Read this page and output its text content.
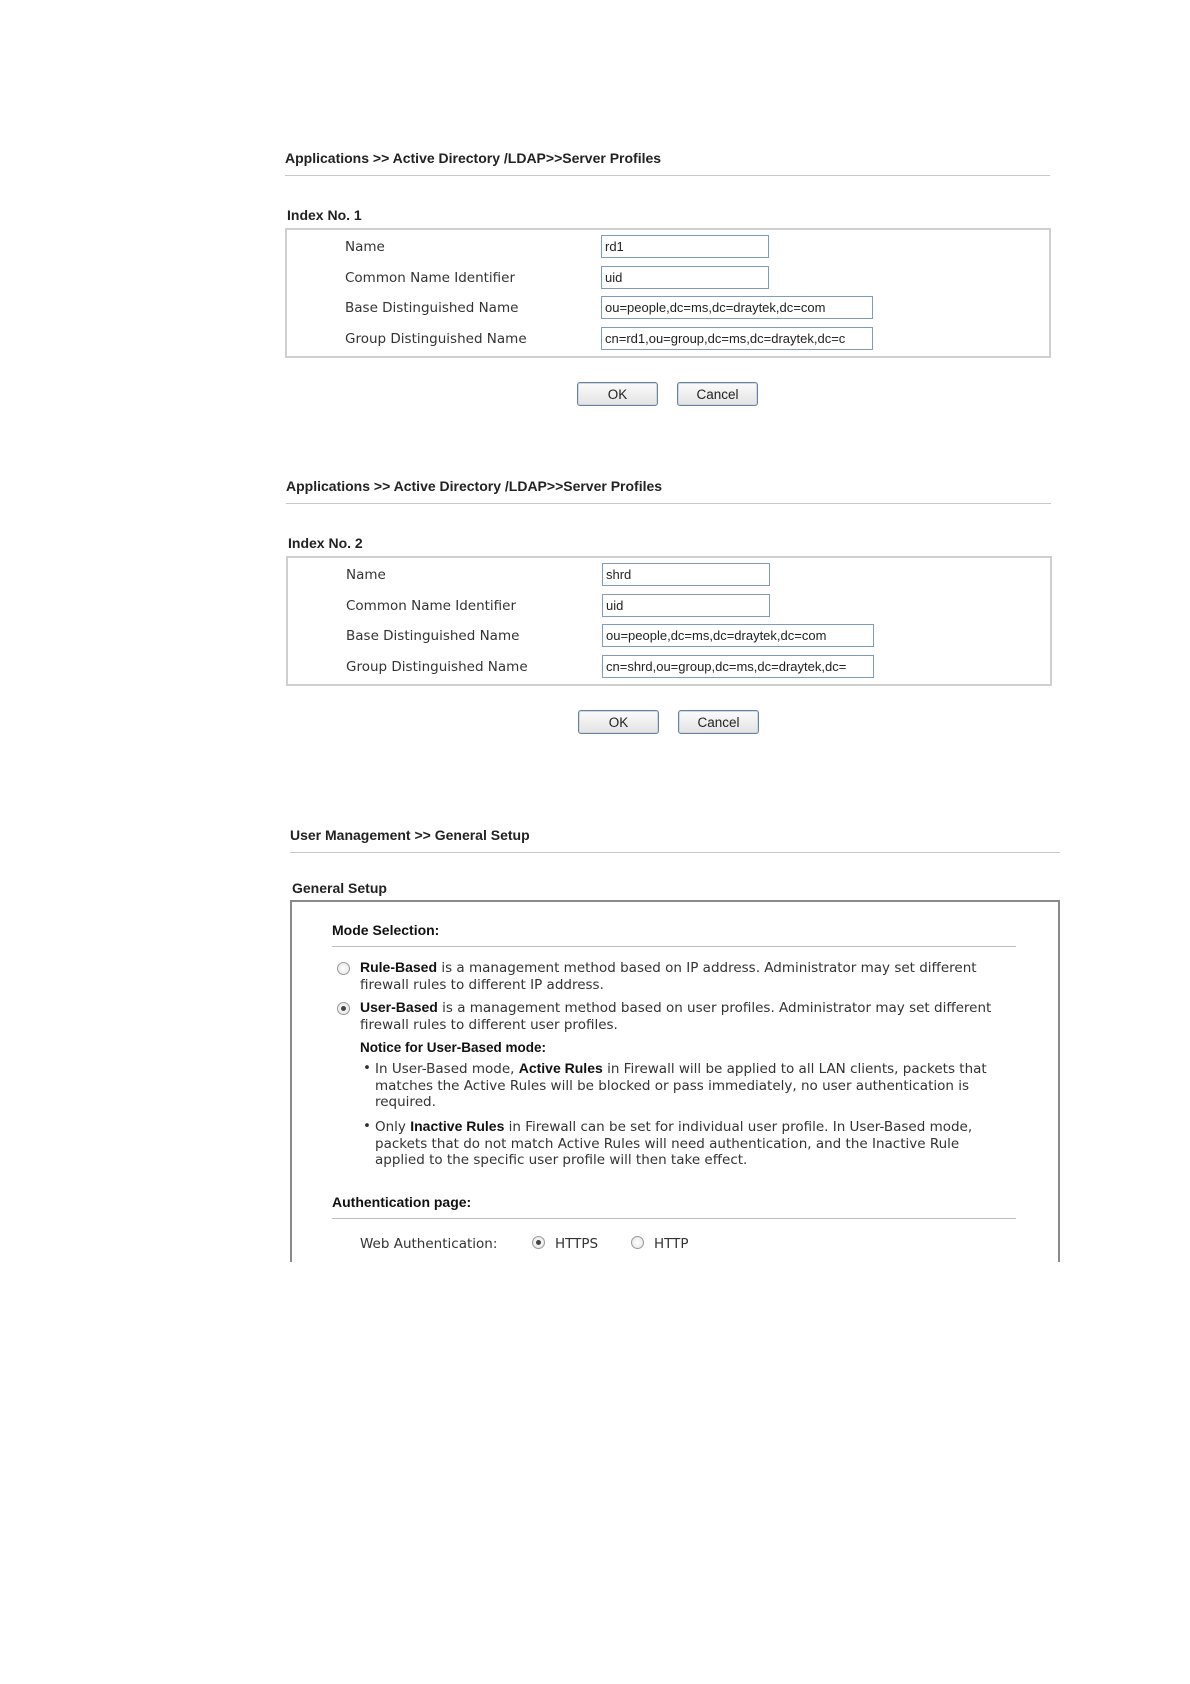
Applications >> Active Directory /LDAP>>Server Profiles
Index No. 1
Name
rd1
Common Name Identifier
uid
Base Distinguished Name
ou=people,dc=ms,dc=draytek,dc=com
Group Distinguished Name
cn=rd1,ou=group,dc=ms,dc=draytek,dc=c
OK	Cancel
Applications >> Active Directory /LDAP>>Server Profiles
Index No. 2
Name
shrd
Common Name Identifier
uid
Base Distinguished Name
ou=people,dc=ms,dc=draytek,dc=com
Group Distinguished Name
cn=shrd,ou=group,dc=ms,dc=draytek,dc=
OK	Cancel
User Management >> General Setup
General Setup
Mode Selection:

Rule-Based is a management method based on IP address. Administrator may set different firewall rules to different IP address.

User-Based is a management method based on user profiles. Administrator may set different firewall rules to different user profiles.

Notice for User-Based mode:
• In User-Based mode, Active Rules in Firewall will be applied to all LAN clients, packets that matches the Active Rules will be blocked or pass immediately, no user authentication is required.

• Only Inactive Rules in Firewall can be set for individual user profile. In User-Based mode, packets that do not match Active Rules will need authentication, and the Inactive Rule applied to the specific user profile will then take effect.

Authentication page:
Web Authentication:	HTTPS	HTTP
